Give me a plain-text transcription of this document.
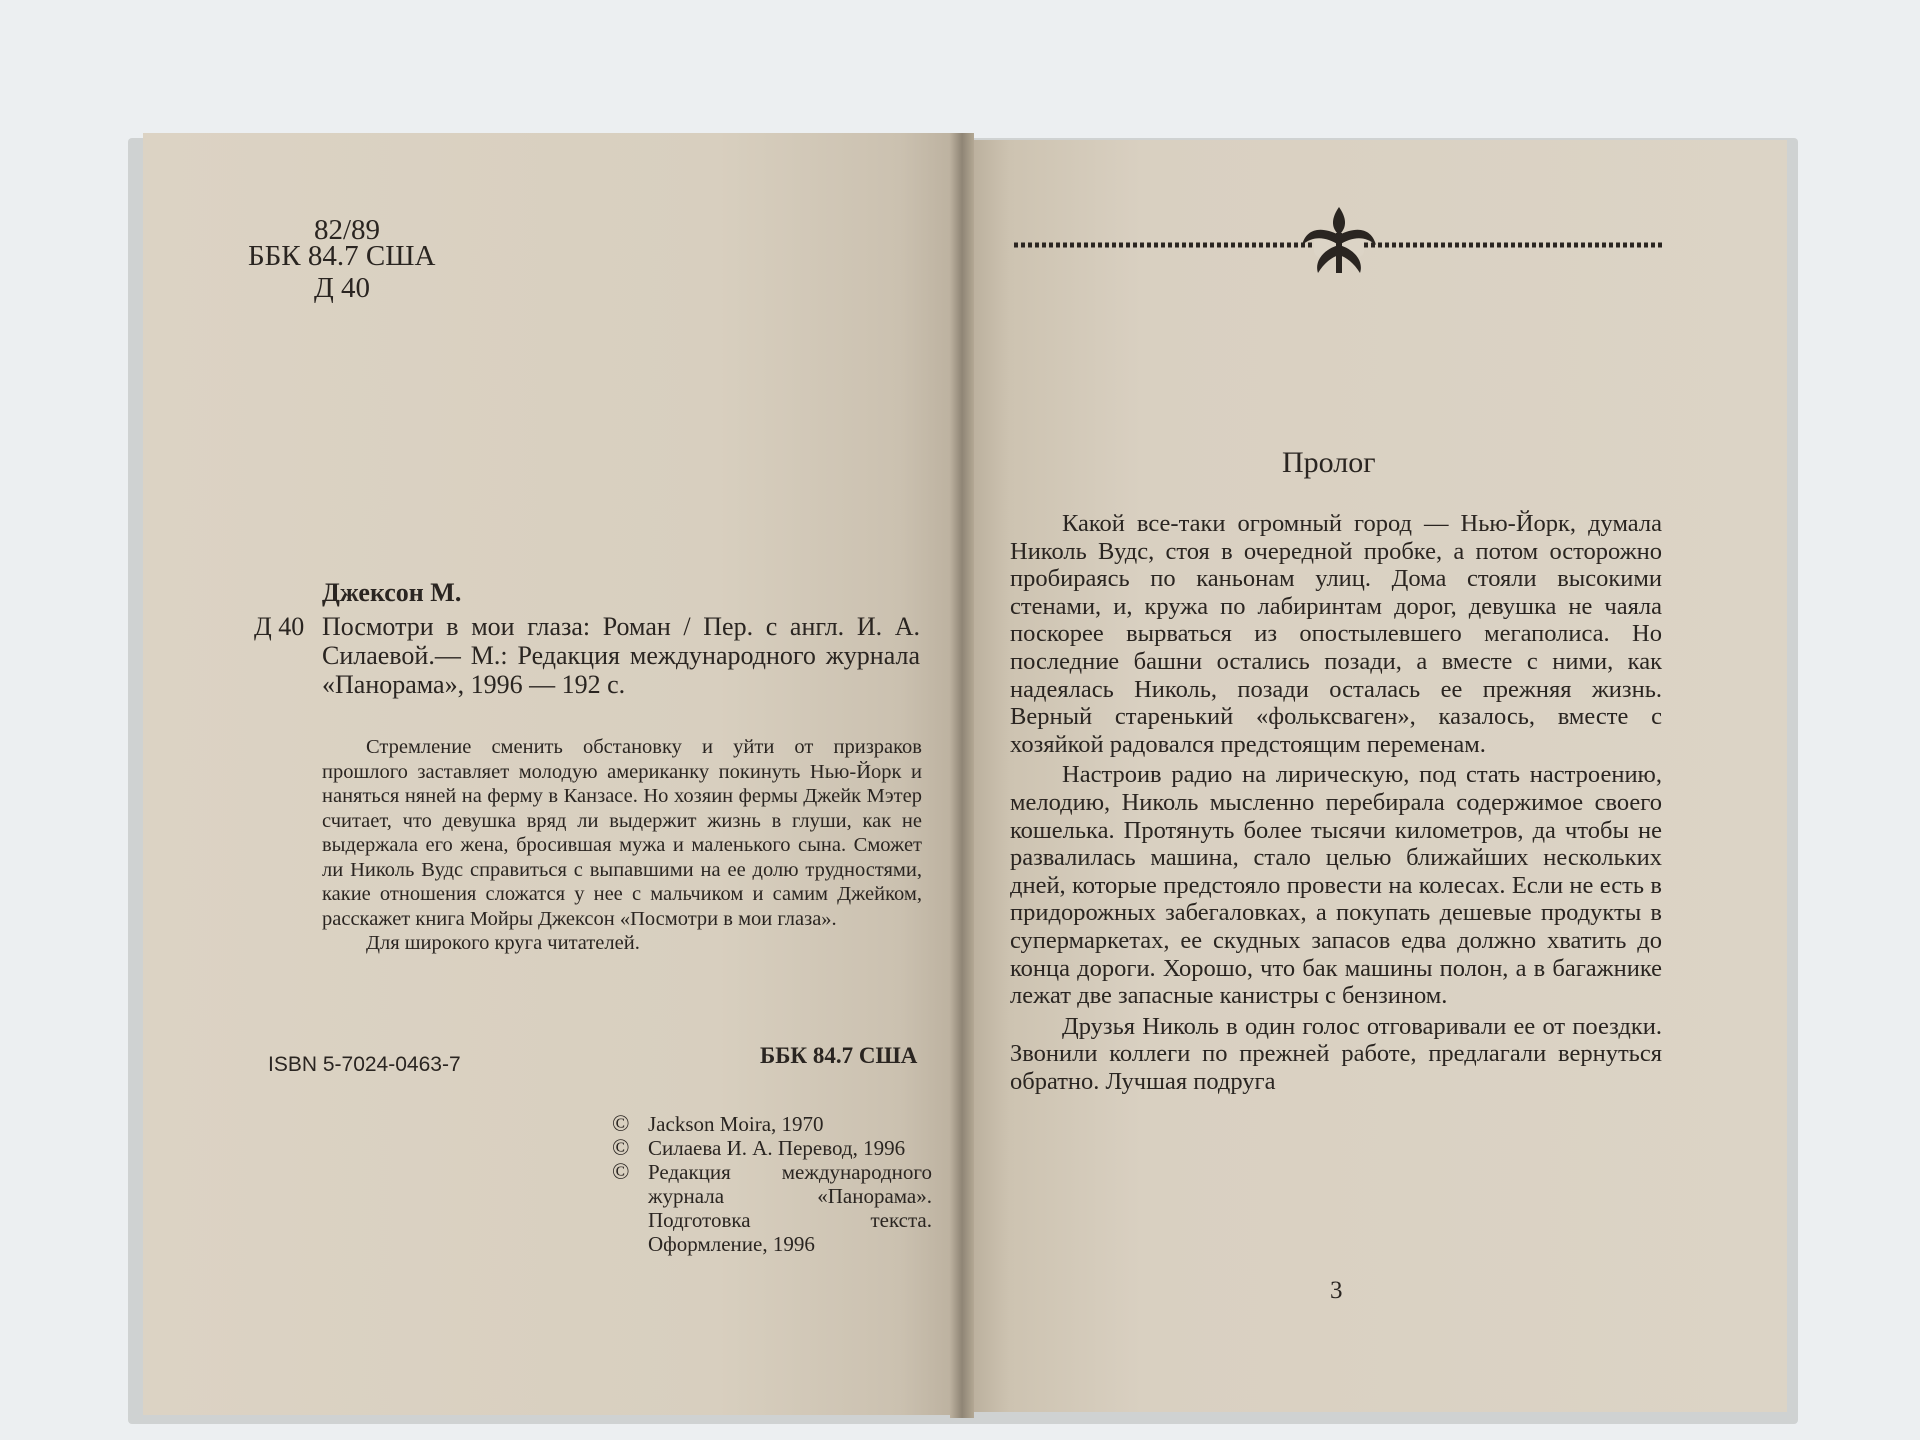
82/89
ББК 84.7 США
Д 40
Джексон М.
Д 40 Посмотри в мои глаза: Роман / Пер. с англ. И. А. Силаевой.— М.: Редакция международного журнала «Панорама», 1996 — 192 с.
Стремление сменить обстановку и уйти от призраков прошлого заставляет молодую американку покинуть Нью-Йорк и наняться няней на ферму в Канзасе. Но хозяин фермы Джейк Мэтер считает, что девушка вряд ли выдержит жизнь в глуши, как не выдержала его жена, бросившая мужа и маленького сына. Сможет ли Николь Вудс справиться с выпавшими на ее долю трудностями, какие отношения сложатся у нее с мальчиком и самим Джейком, расскажет книга Мойры Джексон «Посмотри в мои глаза».
Для широкого круга читателей.
ISBN 5-7024-0463-7	ББК 84.7 США
© Jackson Moira, 1970
© Силаева И. А. Перевод, 1996
© Редакция международного журнала «Панорама». Подготовка текста. Оформление, 1996
Пролог

Какой все-таки огромный город — Нью-Йорк, думала Николь Вудс, стоя в очередной пробке, а потом осторожно пробираясь по каньонам улиц. Дома стояли высокими стенами, и, кружа по лабиринтам дорог, девушка не чаяла поскорее вырваться из опостылевшего мегаполиса. Но последние башни остались позади, а вместе с ними, как надеялась Николь, позади осталась ее прежняя жизнь. Верный старенький «фольксваген», казалось, вместе с хозяйкой радовался предстоящим переменам.

Настроив радио на лирическую, под стать настроению, мелодию, Николь мысленно перебирала содержимое своего кошелька. Протянуть более тысячи километров, да чтобы не развалилась машина, стало целью ближайших нескольких дней, которые предстояло провести на колесах. Если не есть в придорожных забегаловках, а покупать дешевые продукты в супермаркетах, ее скудных запасов едва должно хватить до конца дороги. Хорошо, что бак машины полон, а в багажнике лежат две запасные канистры с бензином.

Друзья Николь в один голос отговаривали ее от поездки. Звонили коллеги по прежней работе, предлагали вернуться обратно. Лучшая подруга

3
